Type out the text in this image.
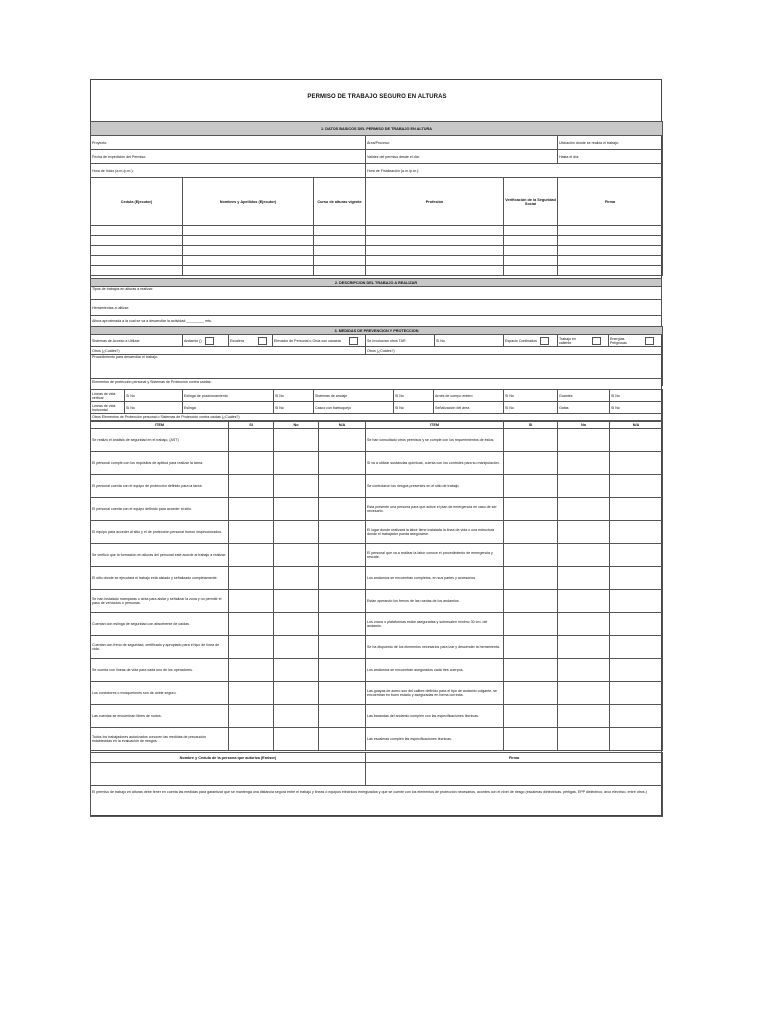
PERMISO DE TRABAJO SEGURO EN ALTURAS
1. DATOS BASICOS DEL PERMISO DE TRABAJO EN ALTURA		
Proyecto:	Área/Proceso:	Ubicación donde se realiza el trabajo:
Fecha de expedición del Permiso:	Validez del permiso desde el día:	Hasta el día:
Hora de Inicio (a.m./p.m.):	Hora de Finalización (a.m./p.m.):	
Cedula (Ejecutor)	Nombres y Apellidos (Ejecutor)	Curso de alturas vigente	Profesión	Verificación de la Seguridad Social	Firma

2. DESCRIPCION DEL TRABAJO A REALIZAR
Tipos de trabajos en alturas a realizar:
Herramientas a utilizar:
Altura aproximada a la cual se va a desarrollar la actividad:_________ mts.
3. MEDIDAS DE PREVENCION Y PROTECCION								
Sistemas de Acceso a Utilizar:	Andamio ()	Escalera	Elevador de Personal o Grúa con canasta	Se involucran otros TAR	Si No	Espacio Confinados	Trabajo en caliente	Energías Peligrosas
Otros (¿Cuáles?)				Otros (¿Cuáles?)				
Procedimiento para desarrollar el trabajo:								
Elementos de protección personal y Sistemas de Protección contra caídas:								
Líneas de vida vertical	Si No	Eslinga de posicionamiento	Si No	Sistemas de anclaje	Si No	Arnés de cuerpo entero	Si No	Guantes	Si No
Líneas de vida horizontal	Si No	Eslinga	Si No	Casco con barbuquejo	Si No	Señalización del área	Si No	Gafas	Si No
Otros Elementos de Protección personal o Sistemas de Protección contra caídas (¿Cuáles?)									
ITEM	SI	No	N/A	ITEM	SI	No	N/A
Se realizó el análisis de seguridad en el trabajo, (AST)				Se han consultado otros permisos y se cumple con los requerimientos de éstos.			
El personal cumple con los requisitos de aptitud para realizar la tarea.				Si va a utilizar sustancias químicas, cuenta con los controles para su manipulación.			
El personal cuenta con el equipo de protección definido para la tarea.				Se controlaron los riesgos presentes en el sitio de trabajo.			
El personal cuenta con el equipo definido para acceder al sitio.				Esta presente una persona para que active el plan de emergencia en caso de ser necesario.			
El equipo para acceder al sitio y el de protección personal fueron inspeccionados.				El lugar donde realizará la labor tiene instalada la línea de vida o una estructura donde el trabajador pueda asegurarse.			
Se verificó que la formación en alturas del personal esté acorde al trabajo a realizar.				El personal que va a realizar la labor conoce el procedimiento de emergencia y rescate.			
El sitio donde se ejecutará el trabajo está aislado y señalizado completamente.				Los andamios se encuentran completos, en sus partes y accesorios.			
Se han instalado mamparas o cinta para aislar y señalizar la zona y no permitir el paso de vehículos o personas.				Están operando los frenos de las ruedas de los andamios.			
Cuentan con eslinga de seguridad con absorbente de caídas.				Los cocos o plataformas están aseguradas y sobresalen mínimo 30 cm. del andamio.			
Cuentan con freno de seguridad, certificado y apropiado para el tipo de línea de vida.				Se ha dispuesto de los elementos necesarios para izar y descender la herramienta.			
Se cuenta con líneas de vida para cada uno de los operadores.				Los andamios se encuentran asegurados cada tres cuerpos.			
Los conectores o mosquetones son de doble seguro.				Las guayas de acero son del calibre definido para el tipo de andamio colgante, se encuentran en buen estado y aseguradas en forma correcta.			
Las cuerdas se encuentran libres de nudos.				Las barandas del andamio cumplen con las especificaciones técnicas.			
Todos los trabajadores autorizados conocen las medidas de precaución establecidas en la evaluación de riesgos.				Las escaleras cumplen las especificaciones técnicas.			
Nombre y Cedula de la persona que autoriza (Emisor)	Firma

El permiso de trabajo en alturas debe tener en cuenta las medidas para garantizar que se mantenga una distancia segura entre el trabajo y líneas o equipos eléctricos energizados y que se cuente con los elementos de protección necesarios, acordes con el nivel de riesgo (escaleras dieléctricas, pértigas, EPP dieléctrico, arco eléctrico, entre otros.)	
